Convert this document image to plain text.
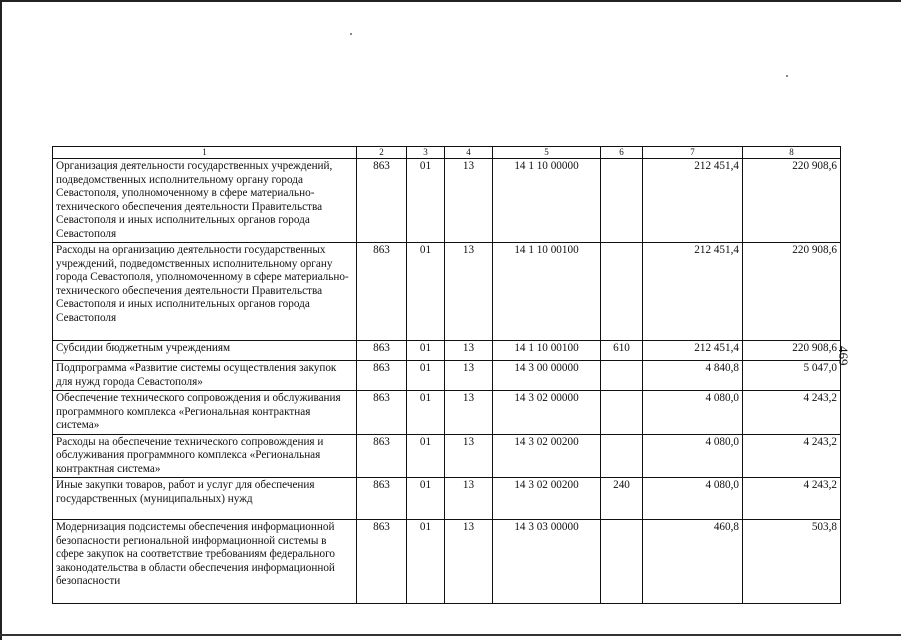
469
1	2	3	4	5	6	7	8
Организация деятельности государственных учреждений, подведомственных исполнительному органу города Севастополя, уполномоченному в сфере материально-технического обеспечения деятельности Правительства Севастополя и иных исполнительных органов города Севастополя	863	01	13	14 1 10 00000		212 451,4	220 908,6
Расходы на организацию деятельности государственных учреждений, подведомственных исполнительному органу города Севастополя, уполномоченному в сфере материально-технического обеспечения деятельности Правительства Севастополя и иных исполнительных органов города Севастополя	863	01	13	14 1 10 00100		212 451,4	220 908,6
Субсидии бюджетным учреждениям	863	01	13	14 1 10 00100	610	212 451,4	220 908,6
Подпрограмма «Развитие системы осуществления закупок для нужд города Севастополя»	863	01	13	14 3 00 00000		4 840,8	5 047,0
Обеспечение технического сопровождения и обслуживания программного комплекса «Региональная контрактная система»	863	01	13	14 3 02 00000		4 080,0	4 243,2
Расходы на обеспечение технического сопровождения и обслуживания программного комплекса «Региональная контрактная система»	863	01	13	14 3 02 00200		4 080,0	4 243,2
Иные закупки товаров, работ и услуг для обеспечения государственных (муниципальных) нужд	863	01	13	14 3 02 00200	240	4 080,0	4 243,2
Модернизация подсистемы обеспечения информационной безопасности региональной информационной системы в сфере закупок на соответствие требованиям федерального законодательства в области обеспечения информационной безопасности	863	01	13	14 3 03 00000		460,8	503,8
